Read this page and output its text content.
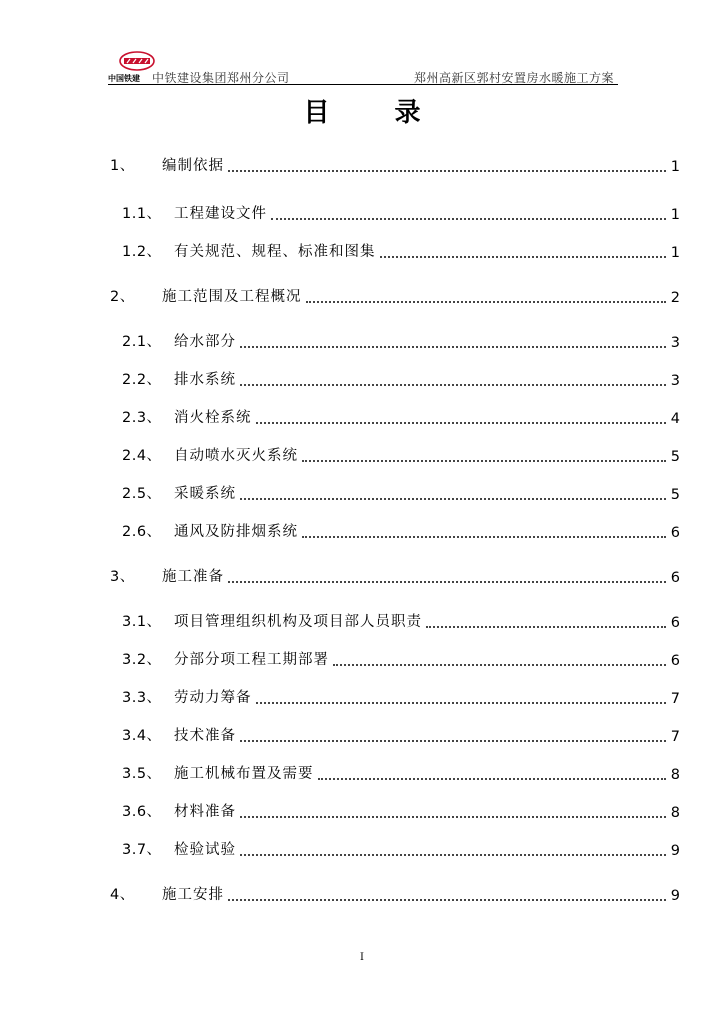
中国铁建 中铁建设集团郑州分公司	郑州高新区郭村安置房水暖施工方案
目 录
1、	编制依据	1
1.1、 工程建设文件	1
1.2、 有关规范、规程、标准和图集	1
2、	施工范围及工程概况	2
2.1、 给水部分	3
2.2、 排水系统	3
2.3、 消火栓系统	4
2.4、 自动喷水灭火系统	5
2.5、 采暖系统	5
2.6、 通风及防排烟系统	6
3、	施工准备	6
3.1、 项目管理组织机构及项目部人员职责	6
3.2、 分部分项工程工期部署	6
3.3、 劳动力筹备	7
3.4、 技术准备	7
3.5、 施工机械布置及需要	8
3.6、 材料准备	8
3.7、 检验试验	9
4、	施工安排	9
I
